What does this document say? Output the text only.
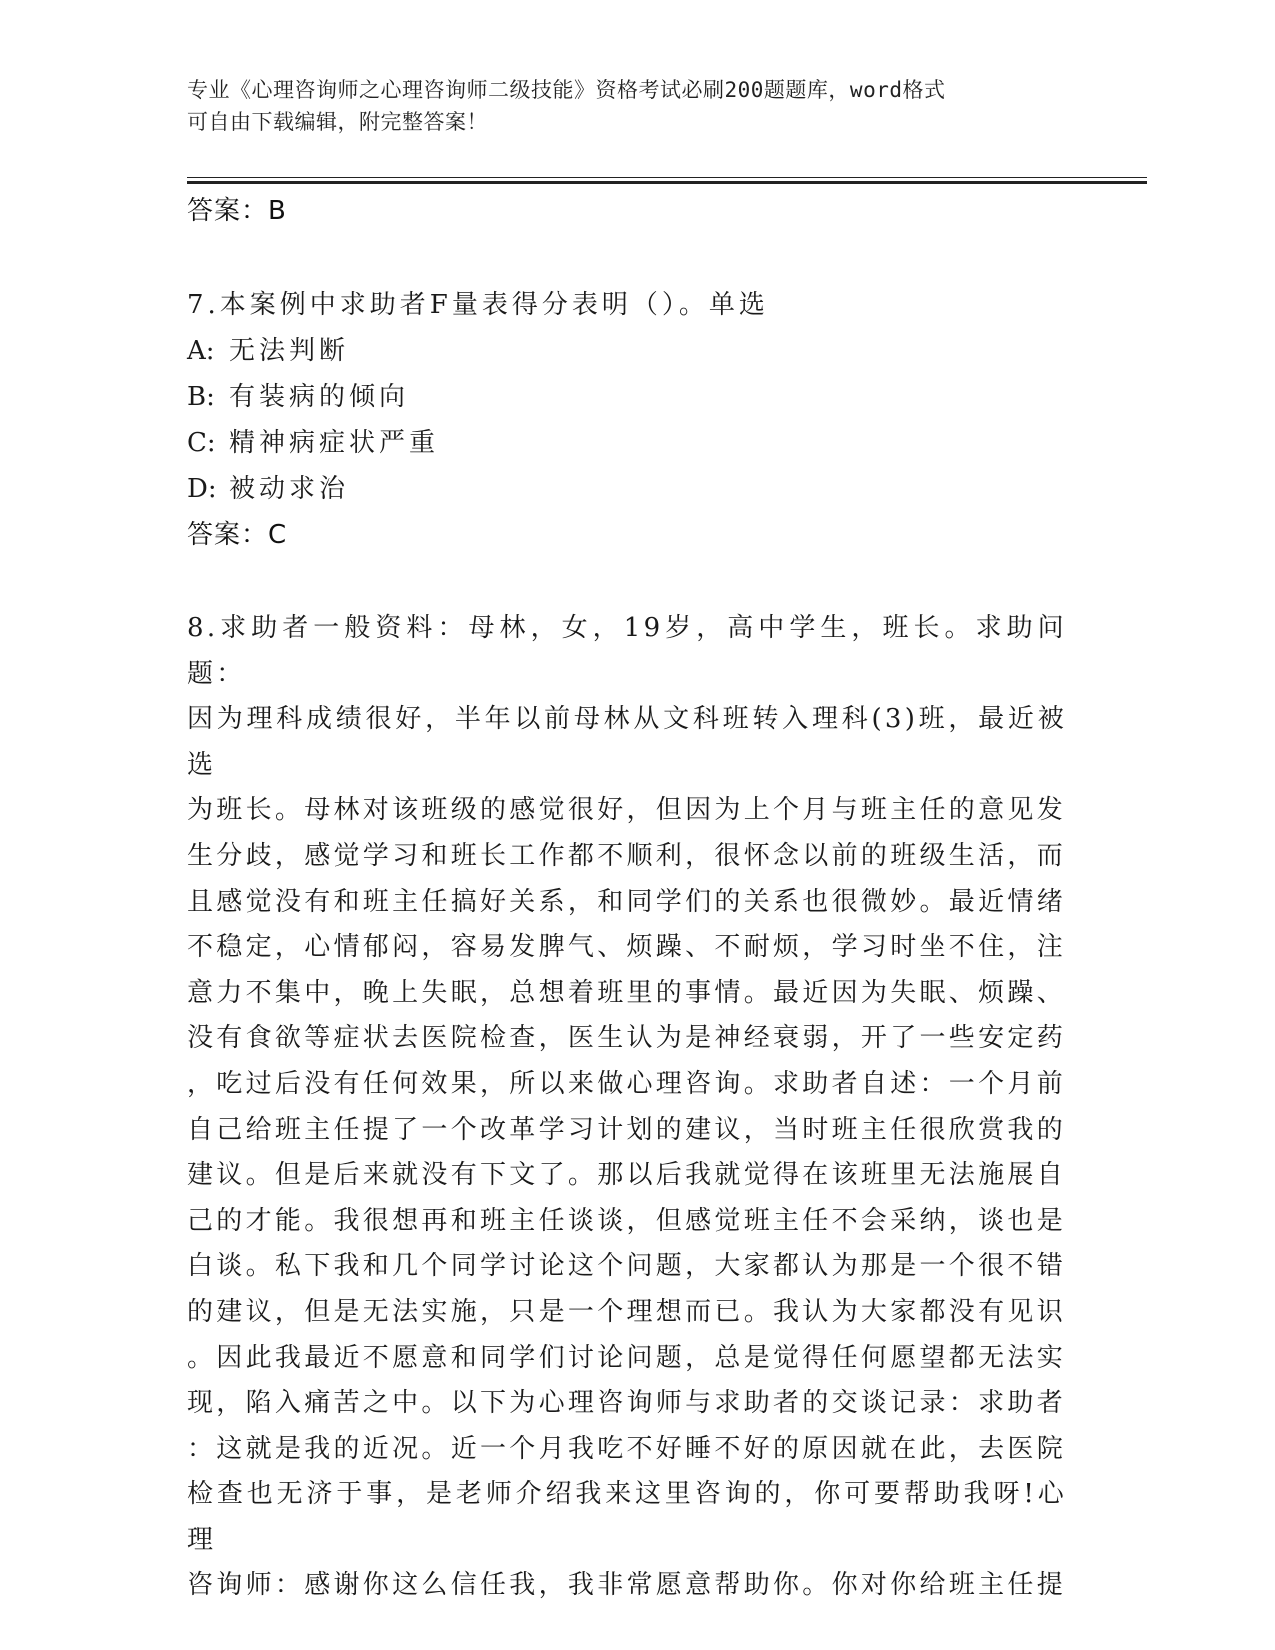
专业《心理咨询师之心理咨询师二级技能》资格考试必刷200题题库，word格式
可自由下载编辑，附完整答案！
答案：B
7.本案例中求助者F量表得分表明（）。单选
A: 无法判断
B: 有装病的倾向
C: 精神病症状严重
D: 被动求治
答案：C
8.求助者一般资料：母林，女，19岁，高中学生，班长。求助问题：
因为理科成绩很好，半年以前母林从文科班转入理科(3)班，最近被选
为班长。母林对该班级的感觉很好，但因为上个月与班主任的意见发
生分歧，感觉学习和班长工作都不顺利，很怀念以前的班级生活，而
且感觉没有和班主任搞好关系，和同学们的关系也很微妙。最近情绪
不稳定，心情郁闷，容易发脾气、烦躁、不耐烦，学习时坐不住，注
意力不集中，晚上失眠，总想着班里的事情。最近因为失眠、烦躁、
没有食欲等症状去医院检查，医生认为是神经衰弱，开了一些安定药
，吃过后没有任何效果，所以来做心理咨询。求助者自述：一个月前
自己给班主任提了一个改革学习计划的建议，当时班主任很欣赏我的
建议。但是后来就没有下文了。那以后我就觉得在该班里无法施展自
己的才能。我很想再和班主任谈谈，但感觉班主任不会采纳，谈也是
白谈。私下我和几个同学讨论这个问题，大家都认为那是一个很不错
的建议，但是无法实施，只是一个理想而已。我认为大家都没有见识
。因此我最近不愿意和同学们讨论问题，总是觉得任何愿望都无法实
现，陷入痛苦之中。以下为心理咨询师与求助者的交谈记录：求助者
：这就是我的近况。近一个月我吃不好睡不好的原因就在此，去医院
检查也无济于事，是老师介绍我来这里咨询的，你可要帮助我呀!心理
咨询师：感谢你这么信任我，我非常愿意帮助你。你对你给班主任提
